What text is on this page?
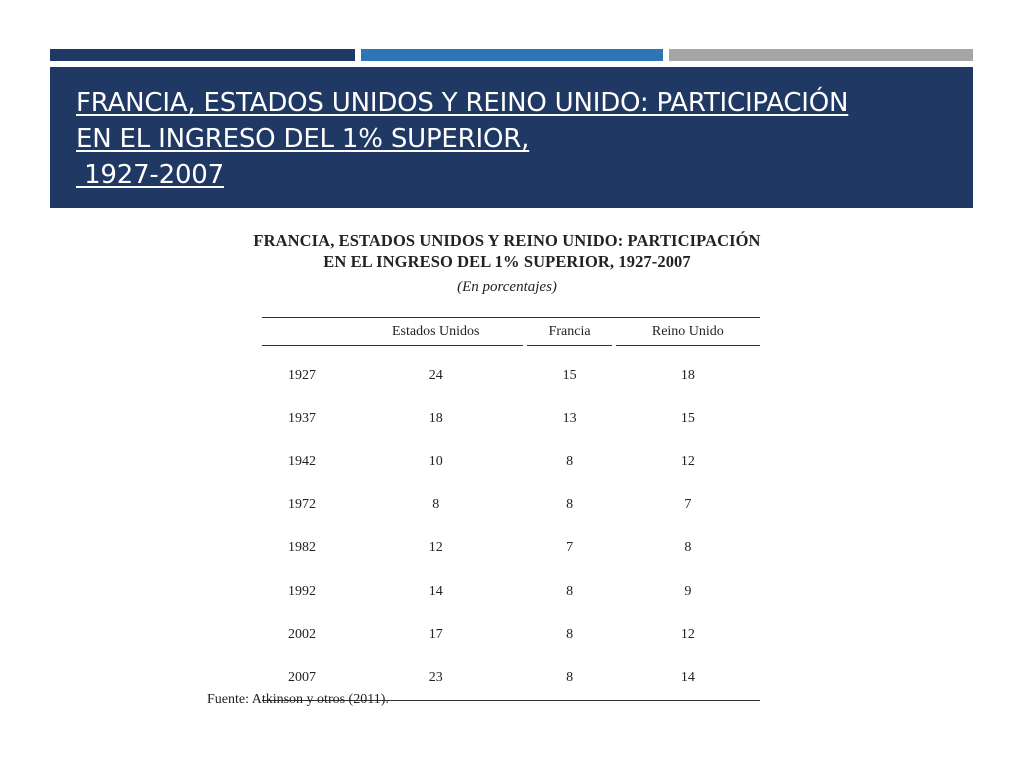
FRANCIA, ESTADOS UNIDOS Y REINO UNIDO: PARTICIPACIÓN
EN EL INGRESO DEL 1% SUPERIOR,
1927-2007
FRANCIA, ESTADOS UNIDOS Y REINO UNIDO: PARTICIPACIÓN
EN EL INGRESO DEL 1% SUPERIOR, 1927-2007
(En porcentajes)
	Estados Unidos		Francia		Reino Unido
1927	24		15		18
1937	18		13		15
1942	10		8		12
1972	8		8		7
1982	12		7		8
1992	14		8		9
2002	17		8		12
2007	23		8		14
Fuente: Atkinson y otros (2011).
